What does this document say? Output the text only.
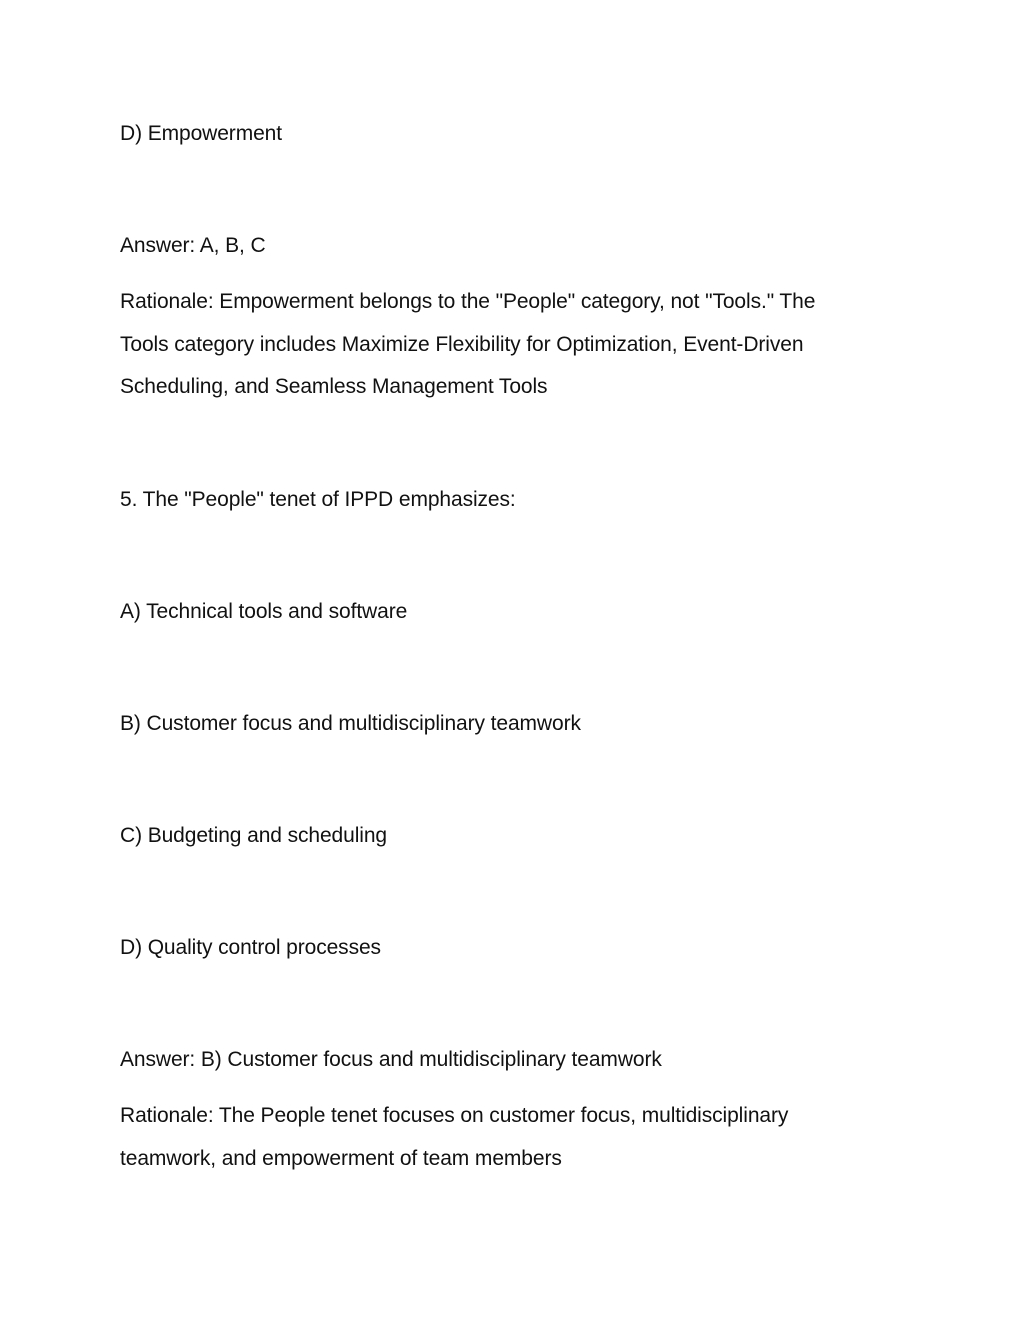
D) Empowerment
Answer: A, B, C
Rationale: Empowerment belongs to the "People" category, not "Tools." The
Tools category includes Maximize Flexibility for Optimization, Event-Driven
Scheduling, and Seamless Management Tools
5. The "People" tenet of IPPD emphasizes:
A) Technical tools and software
B) Customer focus and multidisciplinary teamwork
C) Budgeting and scheduling
D) Quality control processes
Answer: B) Customer focus and multidisciplinary teamwork
Rationale: The People tenet focuses on customer focus, multidisciplinary
teamwork, and empowerment of team members
